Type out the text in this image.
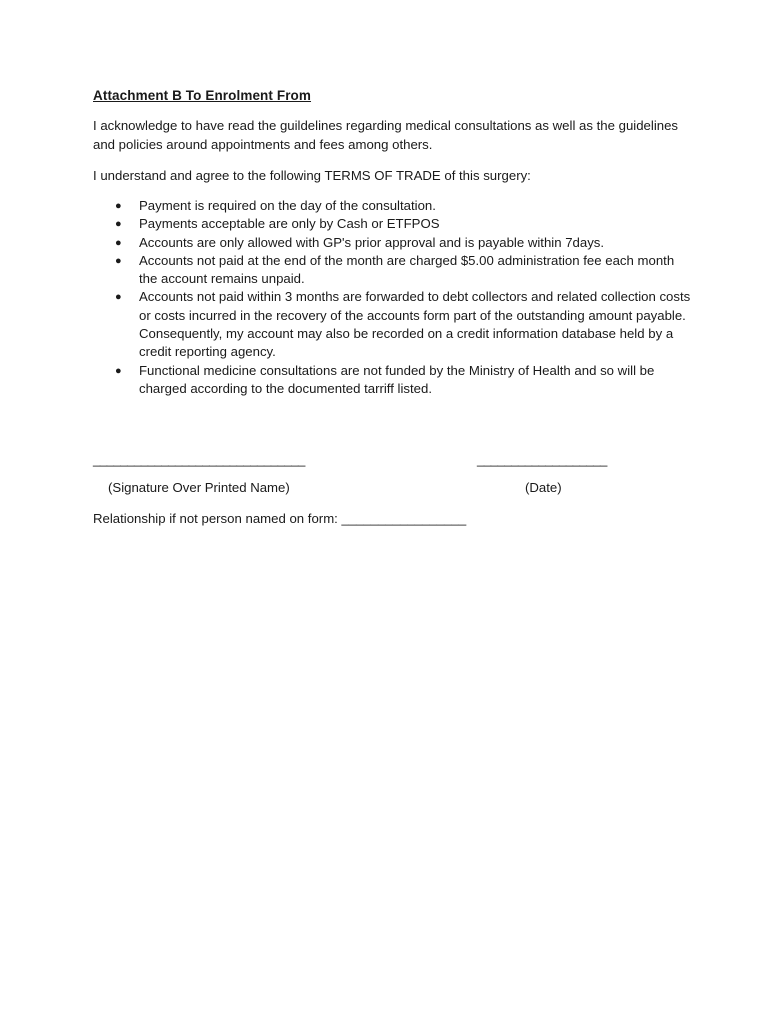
Attachment B To Enrolment From
I acknowledge to have read the guildelines regarding medical consultations as well as the guidelines and policies around appointments and fees among others.
I understand and agree to the following TERMS OF TRADE of this surgery:
● Payment is required on the day of the consultation.
● Payments acceptable are only by Cash or ETFPOS
● Accounts are only allowed with GP's prior approval and is payable within 7days.
● Accounts not paid at the end of the month are charged $5.00 administration fee each month the account remains unpaid.
● Accounts not paid within 3 months are forwarded to debt collectors and related collection costs or costs incurred in the recovery of the accounts form part of the outstanding amount payable. Consequently, my account may also be recorded on a credit information database held by a credit reporting agency.
● Functional medicine consultations are not funded by the Ministry of Health and so will be charged according to the documented tarriff listed.
_______________________________	___________________
(Signature Over Printed Name)	(Date)
Relationship if not person named on form: _________________
